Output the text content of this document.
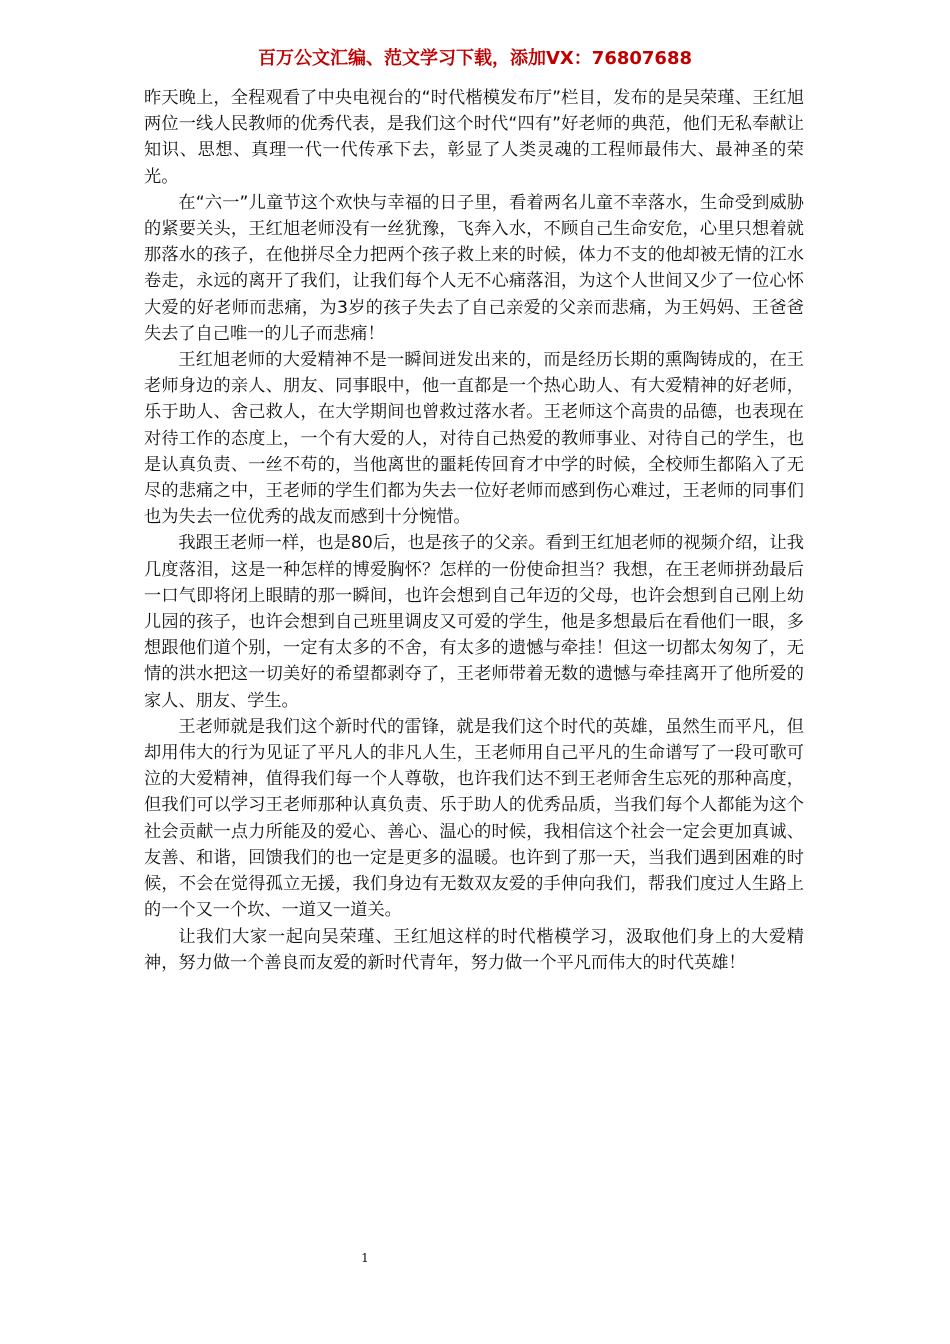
百万公文汇编、范文学习下载，添加VX：76807688

昨天晚上，全程观看了中央电视台的“时代楷模发布厅”栏目，发布的是吴荣瑾、王红旭两位一线人民教师的优秀代表，是我们这个时代“四有”好老师的典范，他们无私奉献让知识、思想、真理一代一代传承下去，彰显了人类灵魂的工程师最伟大、最神圣的荣光。

在“六一”儿童节这个欢快与幸福的日子里，看着两名儿童不幸落水，生命受到威胁的紧要关头，王红旭老师没有一丝犹豫，飞奔入水，不顾自己生命安危，心里只想着就那落水的孩子，在他拼尽全力把两个孩子救上来的时候，体力不支的他却被无情的江水卷走，永远的离开了我们，让我们每个人无不心痛落泪，为这个人世间又少了一位心怀大爱的好老师而悲痛，为3岁的孩子失去了自己亲爱的父亲而悲痛，为王妈妈、王爸爸失去了自己唯一的儿子而悲痛！

王红旭老师的大爱精神不是一瞬间迸发出来的，而是经历长期的熏陶铸成的，在王老师身边的亲人、朋友、同事眼中，他一直都是一个热心助人、有大爱精神的好老师，乐于助人、舍己救人，在大学期间也曾救过落水者。王老师这个高贵的品德，也表现在对待工作的态度上，一个有大爱的人，对待自己热爱的教师事业、对待自己的学生，也是认真负责、一丝不苟的，当他离世的噩耗传回育才中学的时候，全校师生都陷入了无尽的悲痛之中，王老师的学生们都为失去一位好老师而感到伤心难过，王老师的同事们也为失去一位优秀的战友而感到十分惋惜。

我跟王老师一样，也是80后，也是孩子的父亲。看到王红旭老师的视频介绍，让我几度落泪，这是一种怎样的博爱胸怀？怎样的一份使命担当？我想，在王老师拼劲最后一口气即将闭上眼睛的那一瞬间，也许会想到自己年迈的父母，也许会想到自己刚上幼儿园的孩子，也许会想到自己班里调皮又可爱的学生，他是多想最后在看他们一眼，多想跟他们道个别，一定有太多的不舍，有太多的遗憾与牵挂！但这一切都太匆匆了，无情的洪水把这一切美好的希望都剥夺了，王老师带着无数的遗憾与牵挂离开了他所爱的家人、朋友、学生。

王老师就是我们这个新时代的雷锋，就是我们这个时代的英雄，虽然生而平凡，但却用伟大的行为见证了平凡人的非凡人生，王老师用自己平凡的生命谱写了一段可歌可泣的大爱精神，值得我们每一个人尊敬，也许我们达不到王老师舍生忘死的那种高度，但我们可以学习王老师那种认真负责、乐于助人的优秀品质，当我们每个人都能为这个社会贡献一点力所能及的爱心、善心、温心的时候，我相信这个社会一定会更加真诚、友善、和谐，回馈我们的也一定是更多的温暖。也许到了那一天，当我们遇到困难的时候，不会在觉得孤立无援，我们身边有无数双友爱的手伸向我们，帮我们度过人生路上的一个又一个坎、一道又一道关。

让我们大家一起向吴荣瑾、王红旭这样的时代楷模学习，汲取他们身上的大爱精神，努力做一个善良而友爱的新时代青年，努力做一个平凡而伟大的时代英雄！

1
